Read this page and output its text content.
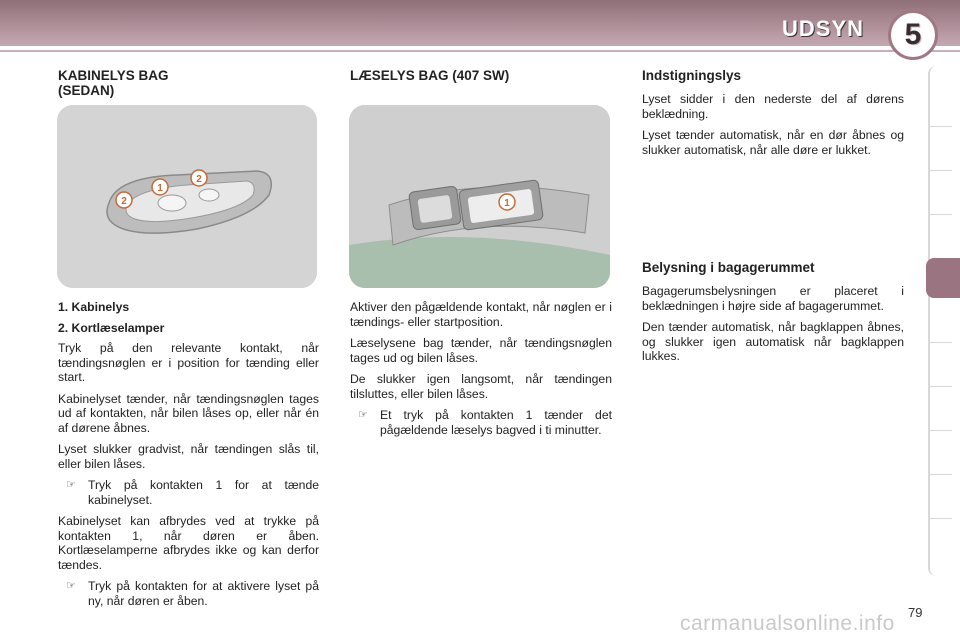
UDSYN	5
KABINELYS BAG
(SEDAN)
2
1
2

1. Kabinelys

2. Kortlæselamper

Tryk på den relevante kontakt, når tændingsnøglen er i position for tænding eller start.

Kabinelyset tænder, når tændingsnøglen tages ud af kontakten, når bilen låses op, eller når én af dørene åbnes.

Lyset slukker gradvist, når tændingen slås til, eller bilen låses.

☞ Tryk på kontakten 1 for at tænde kabinelyset.

Kabinelyset kan afbrydes ved at trykke på kontakten 1, når døren er åben. Kortlæselamperne afbrydes ikke og kan derfor tændes.

☞ Tryk på kontakten for at aktivere lyset på ny, når døren er åben.

LÆSELYS BAG (407 SW)
1

Aktiver den pågældende kontakt, når nøglen er i tændings- eller startposition.

Læselysene bag tænder, når tændingsnøglen tages ud og bilen låses.

De slukker igen langsomt, når tændingen tilsluttes, eller bilen låses.

☞ Et tryk på kontakten 1 tænder det pågældende læselys bagved i ti minutter.

Indstigningslys

Lyset sidder i den nederste del af dørens beklædning.

Lyset tænder automatisk, når en dør åbnes og slukker automatisk, når alle døre er lukket.

Belysning i bagagerummet

Bagagerumsbelysningen er placeret i beklædningen i højre side af bagagerummet.

Den tænder automatisk, når bagklappen åbnes, og slukker igen automatisk når bagklappen lukkes.

carmanualsonline.info 79
